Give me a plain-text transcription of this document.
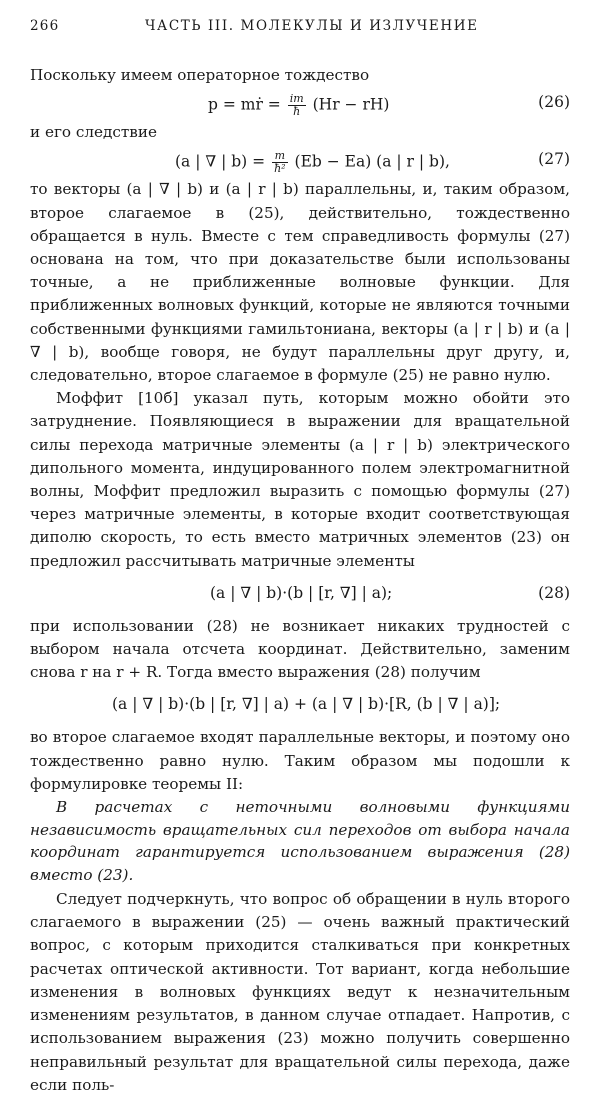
266	ЧАСТЬ III. МОЛЕКУЛЫ И ИЗЛУЧЕНИЕ

Поскольку имеем операторное тождество

p = mṙ = $\frac{im}{ħ} (Hr - rH)$	(26)

и его следствие

(a | ∇ | $b) = \frac{m}{\text{ħ²}} (Eb - Ea)$ (a | r | b),	(27)

то векторы (a | ∇ | b) и (a | r | b) параллельны, и, таким образом, второе слагаемое в (25), действительно, тождественно обращается в нуль. Вместе с тем справедливость формулы (27) основана на том, что при доказательстве были использованы точные, а не приближенные волновые функции. Для приближенных волновых функций, которые не являются точными собственными функциями гамильтониана, векторы (a | r | b) и (a | ∇ | b), вообще говоря, не будут параллельны друг другу, и, следовательно, второе слагаемое в формуле (25) не равно нулю.

Моффит [10б] указал путь, которым можно обойти это затруднение. Появляющиеся в выражении для вращательной силы перехода матричные элементы (a | r | b) электрического дипольного момента, индуцированного полем электромагнитной волны, Моффит предложил выразить с помощью формулы (27) через матричные элементы, в которые входит соответствующая диполю скорость, то есть вместо матричных элементов (23) он предложил рассчитывать матричные элементы

(a | ∇ | b)·(b | [r, ∇] | a);	(28)

при использовании (28) не возникает никаких трудностей с выбором начала отсчета координат. Действительно, заменим снова r на r + R. Тогда вместо выражения (28) получим

(a | ∇ | b)·(b | [r, ∇] | a) + (a | ∇ | b)·[R, (b | ∇ | a)];

во второе слагаемое входят параллельные векторы, и поэтому оно тождественно равно нулю. Таким образом мы подошли к формулировке теоремы II:

В расчетах с неточными волновыми функциями независимость вращательных сил переходов от выбора начала координат гарантируется использованием выражения (28) вместо (23).

Следует подчеркнуть, что вопрос об обращении в нуль второго слагаемого в выражении (25) — очень важный практический вопрос, с которым приходится сталкиваться при конкретных расчетах оптической активности. Тот вариант, когда небольшие изменения в волновых функциях ведут к незначительным изменениям результатов, в данном случае отпадает. Напротив, с использованием выражения (23) можно получить совершенно неправильный результат для вращательной силы перехода, даже если поль-
